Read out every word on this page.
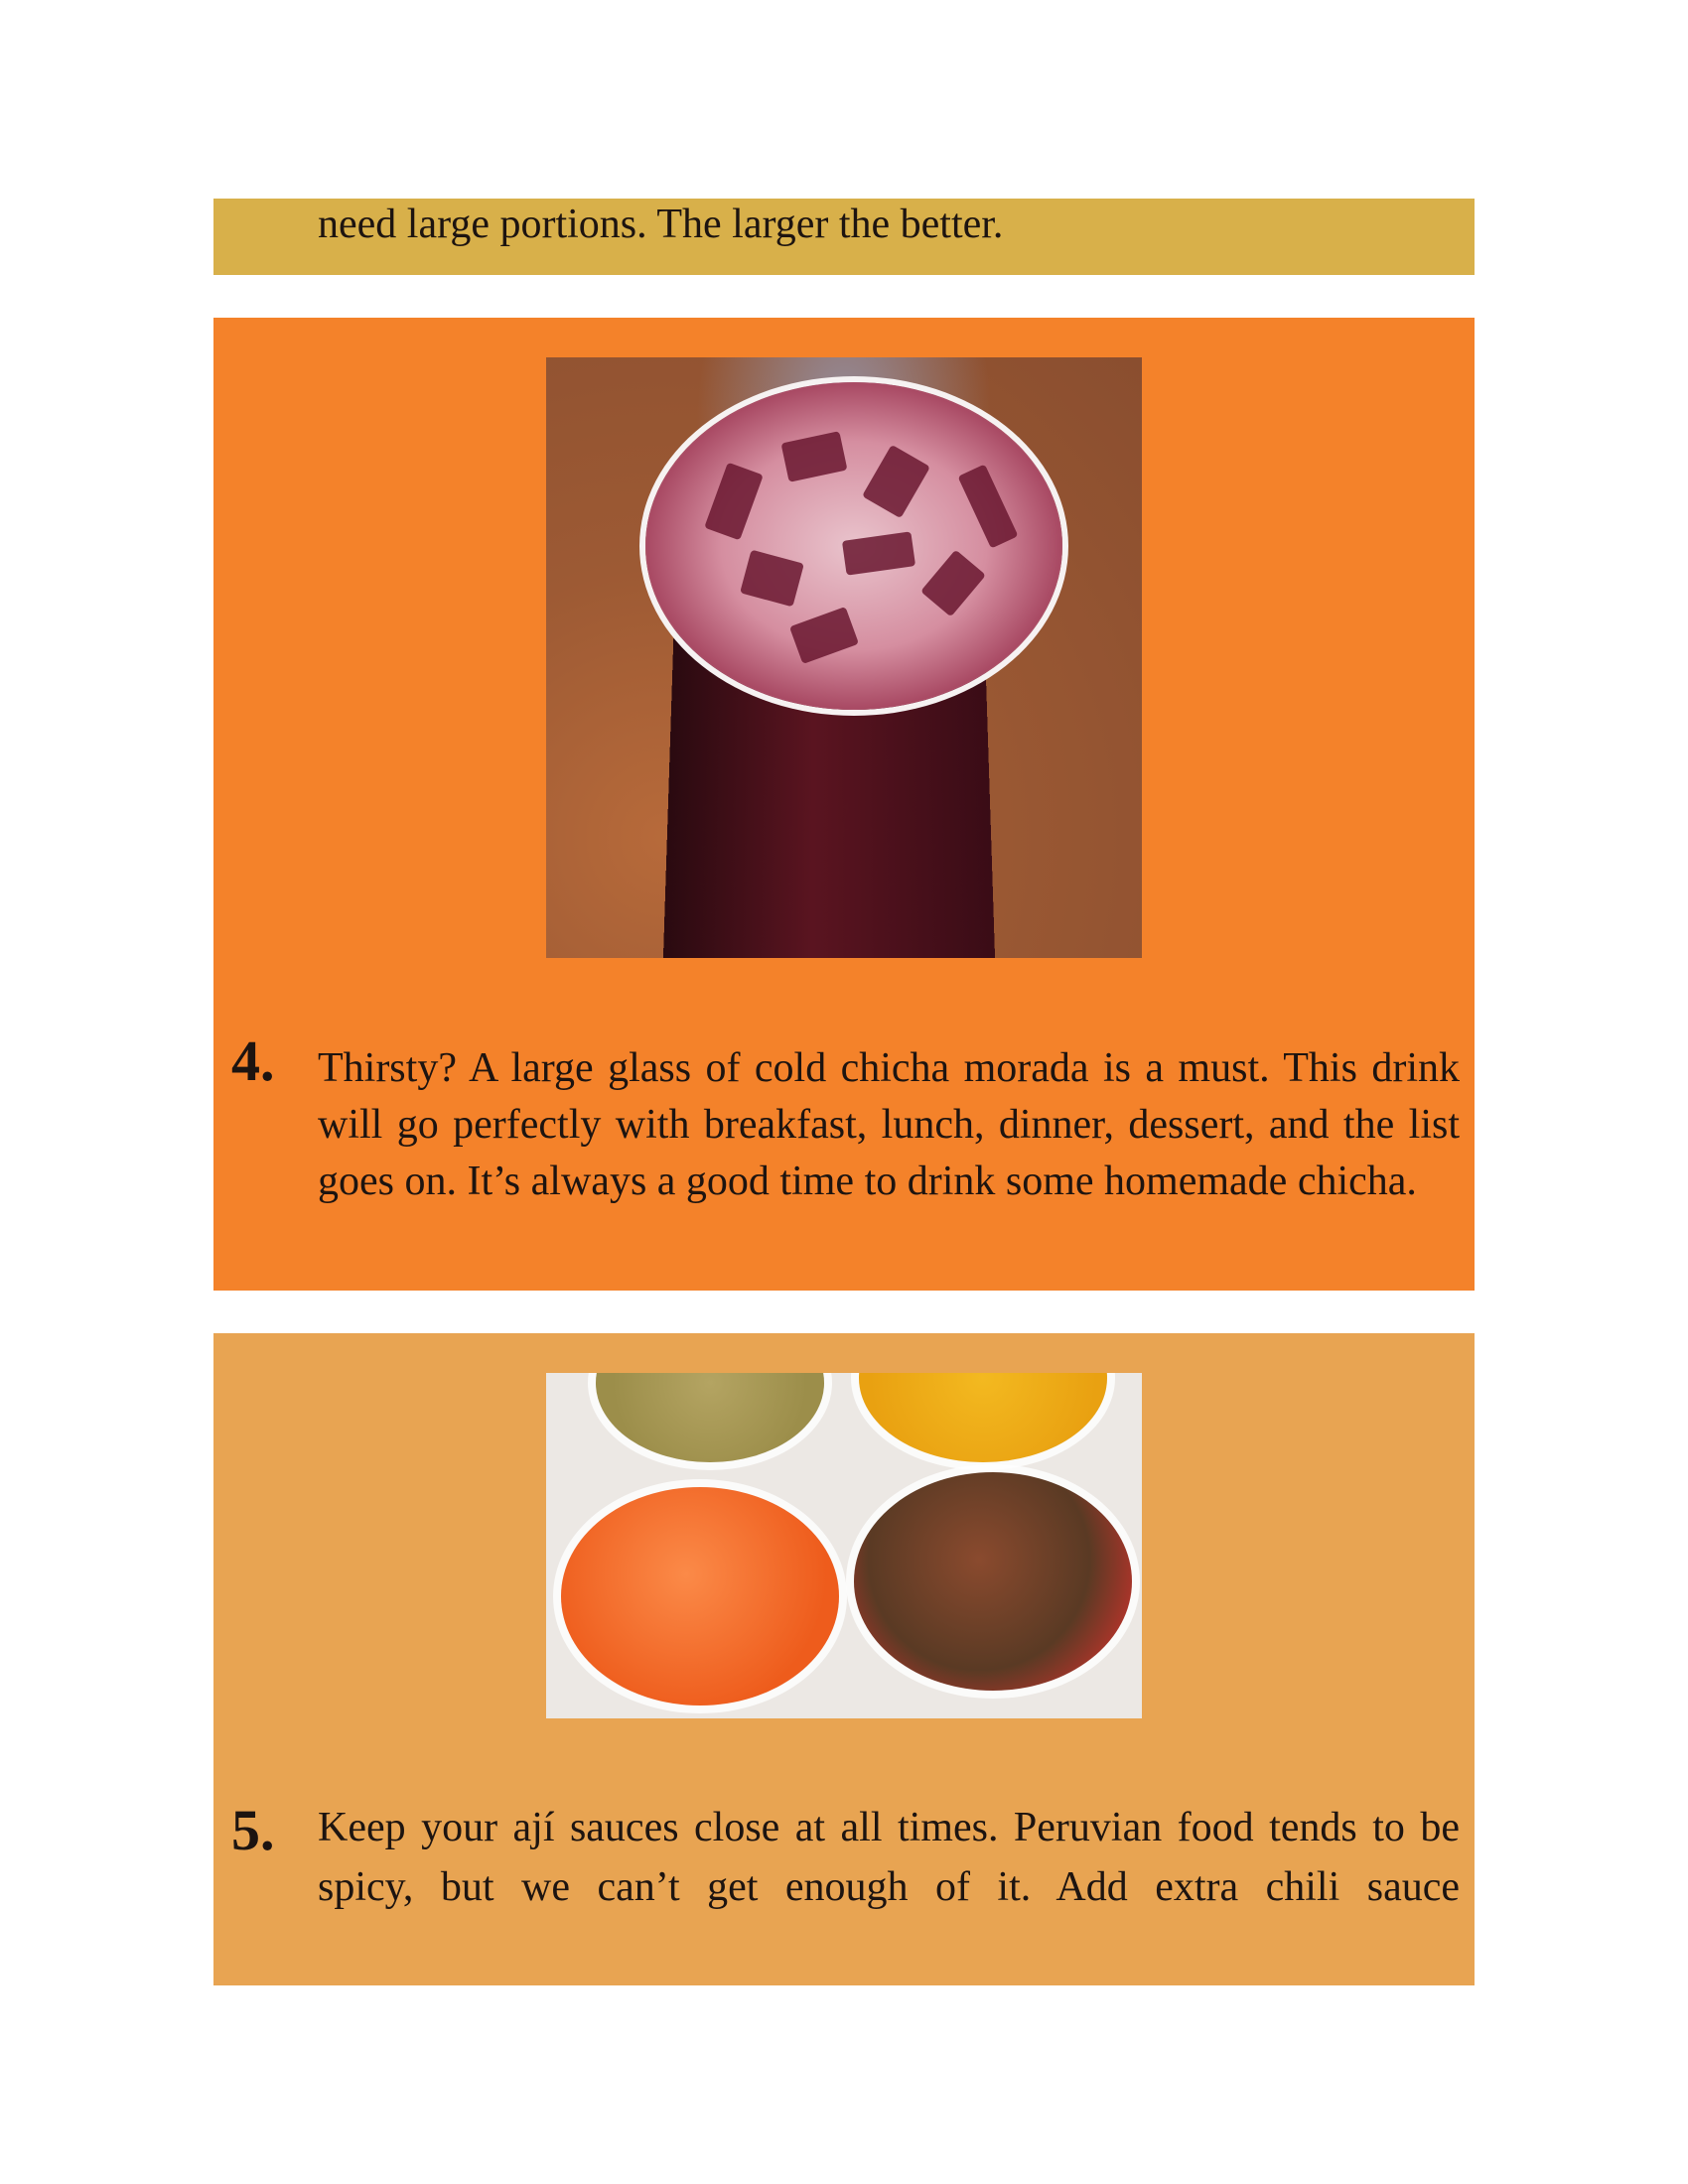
need large portions. The larger the better.
4. Thirsty? A large glass of cold chicha morada is a must. This drink will go perfectly with breakfast, lunch, dinner, dessert, and the list goes on. It’s always a good time to drink some homemade chicha.
5. Keep your ají sauces close at all times. Peruvian food tends to be spicy, but we can’t get enough of it. Add extra chili sauce
